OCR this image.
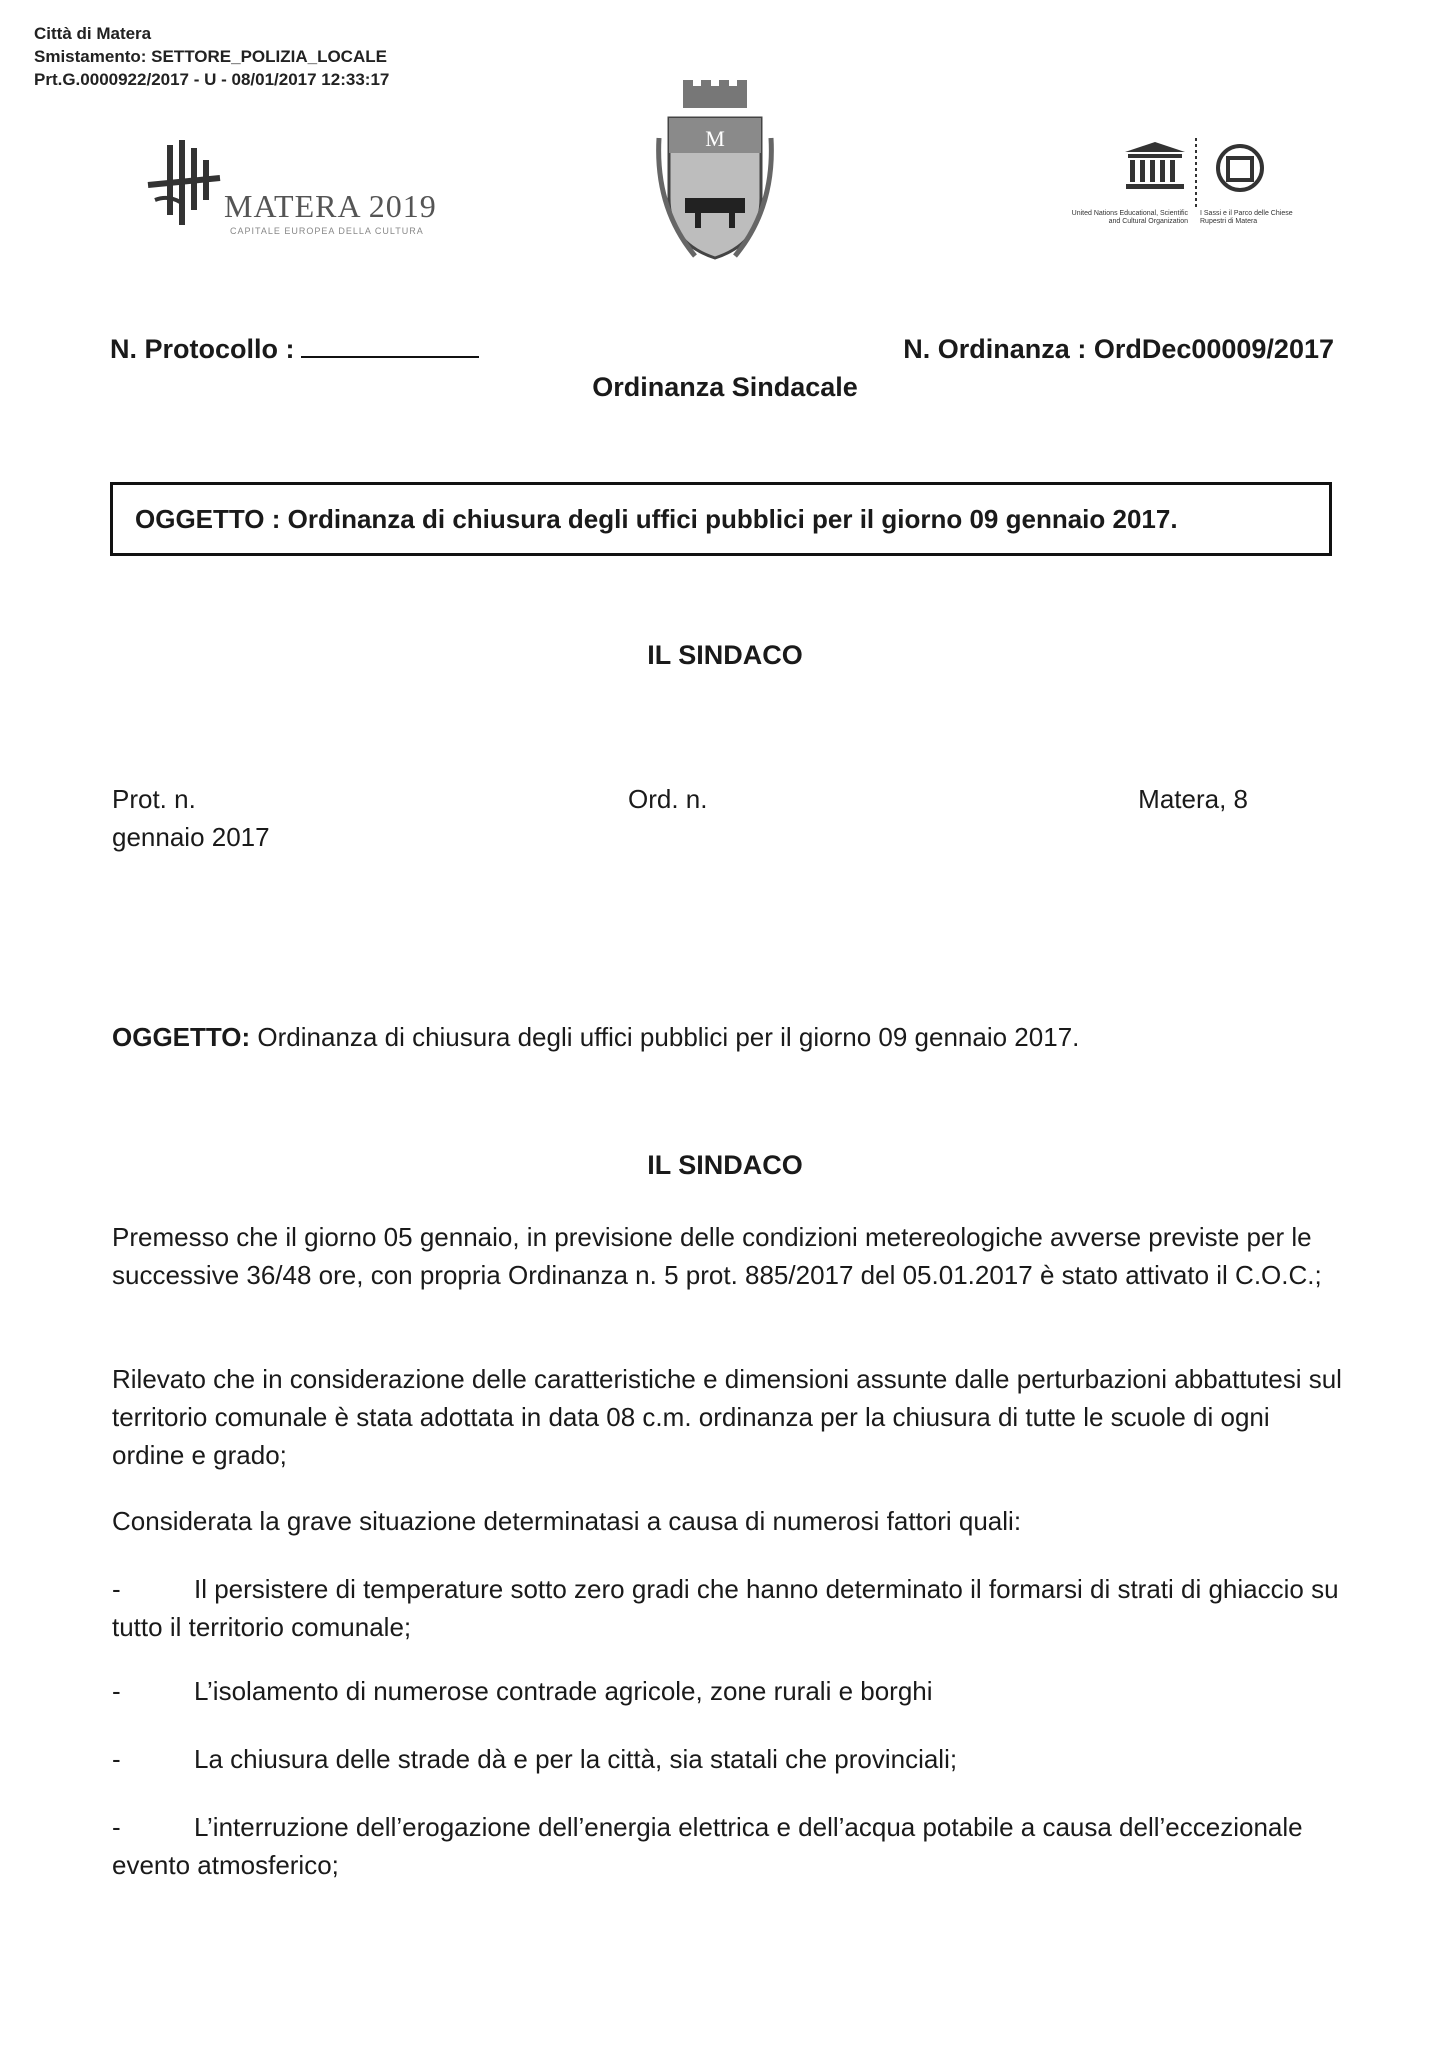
Città di Matera
Smistamento: SETTORE_POLIZIA_LOCALE
Prt.G.0000922/2017 - U - 08/01/2017 12:33:17
MATERA 2019
CAPITALE EUROPEA DELLA CULTURA
M
United Nations Educational, Scientific and Cultural Organization
I Sassi e il Parco delle Chiese Rupestri di Matera
N. Protocollo :	N. Ordinanza : OrdDec00009/2017
Ordinanza Sindacale
OGGETTO : Ordinanza di chiusura degli uffici pubblici per il giorno 09 gennaio 2017.
IL SINDACO
Prot. n.	Ord. n.	Matera, 8
gennaio 2017
OGGETTO: Ordinanza di chiusura degli uffici pubblici per il giorno 09 gennaio 2017.
IL SINDACO
Premesso che il giorno 05 gennaio, in previsione delle condizioni metereologiche avverse previste per le successive 36/48 ore, con propria Ordinanza n. 5 prot. 885/2017 del 05.01.2017 è stato attivato il C.O.C.;
Rilevato che in considerazione delle caratteristiche e dimensioni assunte dalle perturbazioni abbattutesi sul territorio comunale è stata adottata in data 08 c.m. ordinanza per la chiusura di tutte le scuole di ogni ordine e grado;
Considerata la grave situazione determinatasi a causa di numerosi fattori quali:
-	Il persistere di temperature sotto zero gradi che hanno determinato il formarsi di strati di ghiaccio su tutto il territorio comunale;
-	L’isolamento di numerose contrade agricole, zone rurali e borghi
-	La chiusura delle strade dà e per la città, sia statali che provinciali;
-	L’interruzione dell’erogazione dell’energia elettrica e dell’acqua potabile a causa dell’eccezionale evento atmosferico;
